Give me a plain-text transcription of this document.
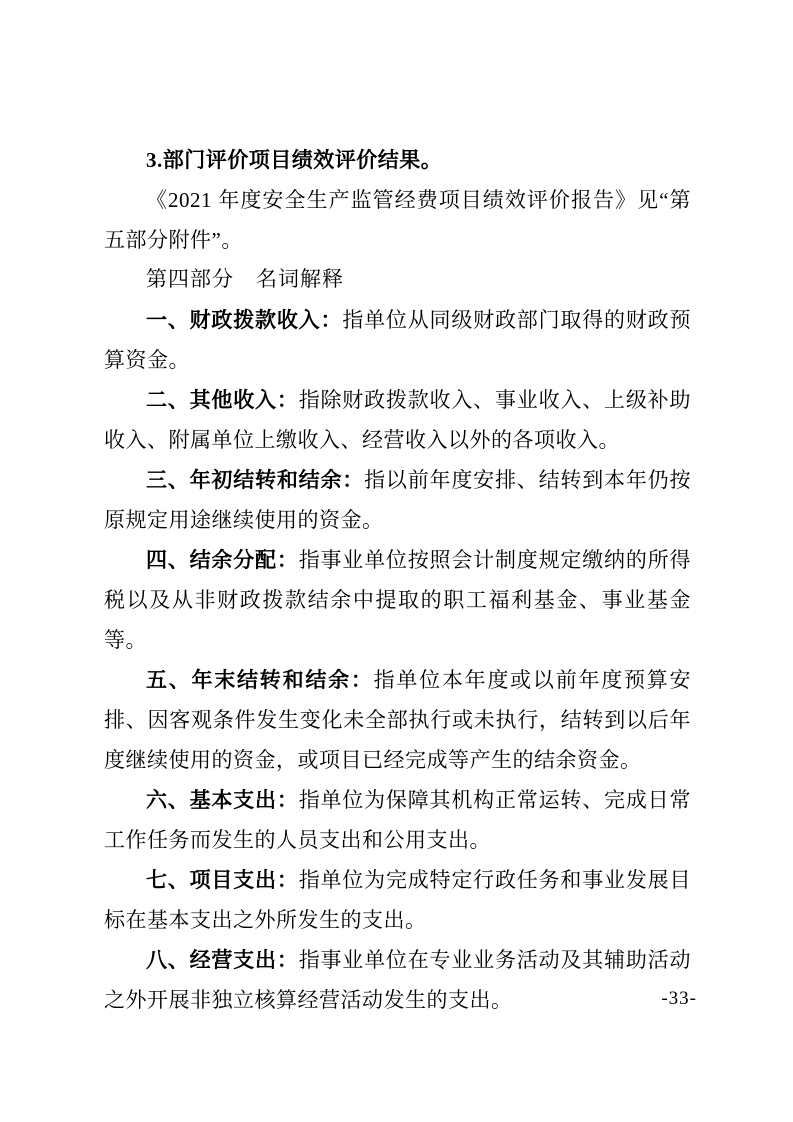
3.部门评价项目绩效评价结果。

《2021 年度安全生产监管经费项目绩效评价报告》见“第五部分附件”。

第四部分　名词解释

一、财政拨款收入：指单位从同级财政部门取得的财政预算资金。

二、其他收入：指除财政拨款收入、事业收入、上级补助收入、附属单位上缴收入、经营收入以外的各项收入。

三、年初结转和结余：指以前年度安排、结转到本年仍按原规定用途继续使用的资金。

四、结余分配：指事业单位按照会计制度规定缴纳的所得税以及从非财政拨款结余中提取的职工福利基金、事业基金等。

五、年末结转和结余：指单位本年度或以前年度预算安排、因客观条件发生变化未全部执行或未执行，结转到以后年度继续使用的资金，或项目已经完成等产生的结余资金。

六、基本支出：指单位为保障其机构正常运转、完成日常工作任务而发生的人员支出和公用支出。

七、项目支出：指单位为完成特定行政任务和事业发展目标在基本支出之外所发生的支出。

八、经营支出：指事业单位在专业业务活动及其辅助活动之外开展非独立核算经营活动发生的支出。	-33-
